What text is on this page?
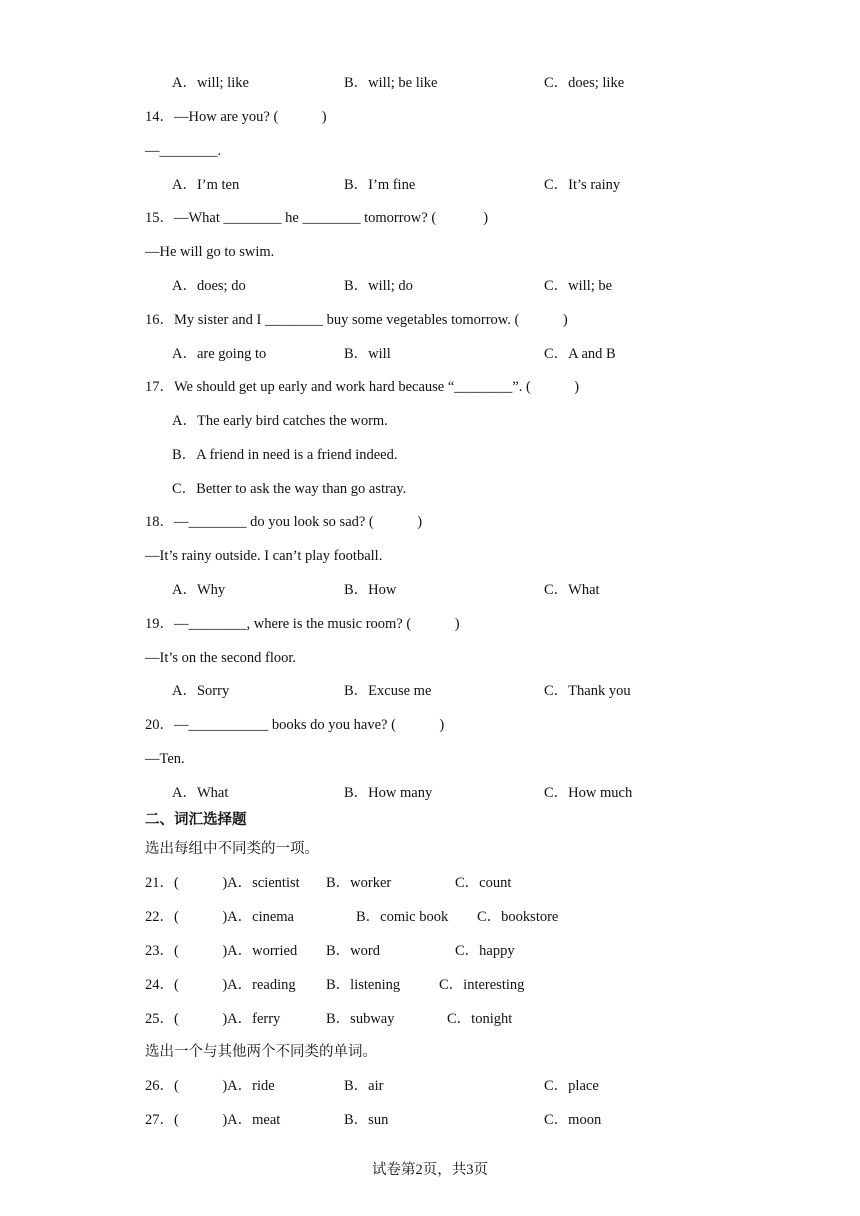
A．will; like	B．will; be like	C．does; like
14．—How are you? (　　　)
—________.
A．I’m ten	B．I’m fine	C．It’s rainy
15．—What ________ he ________ tomorrow? (　　　 )
—He will go to swim.
A．does; do	B．will; do	C．will; be
16．My sister and I ________ buy some vegetables tomorrow. (　　　)
A．are going to	B．will	C．A and B
17．We should get up early and work hard because “________”. (　　　)
A．The early bird catches the worm.
B．A friend in need is a friend indeed.
C．Better to ask the way than go astray.
18．—________ do you look so sad? (　　　)
—It’s rainy outside. I can’t play football.
A．Why	B．How	C．What
19．—________, where is the music room? (　　　)
—It’s on the second floor.
A．Sorry	B．Excuse me	C．Thank you
20．—___________ books do you have? (　　　)
—Ten.
A．What	B．How many	C．How much
二、词汇选择题
选出每组中不同类的一项。
21．(　　　)A．scientist B．worker	C．count
22．(　　　)A．cinema	B．comic book C．bookstore
23．(　　　)A．worried B．word	C．happy
24．(　　　)A．reading B．listening	C．interesting
25．(　　　)A．ferry	B．subway	C．tonight
选出一个与其他两个不同类的单词。
26．(　　　)A．ride	B．air	C．place
27．(　　　)A．meat	B．sun	C．moon
试卷第2页，共3页
